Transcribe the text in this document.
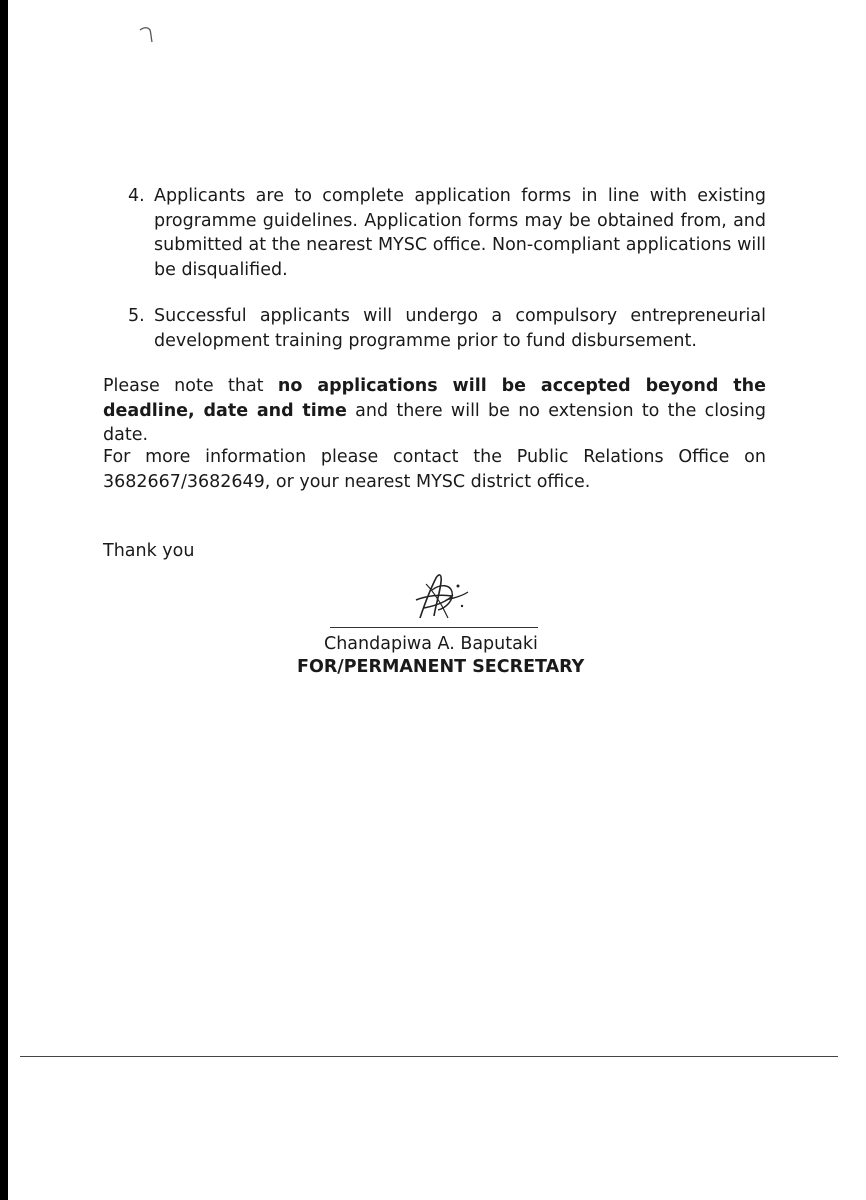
4. Applicants are to complete application forms in line with existing programme guidelines. Application forms may be obtained from, and submitted at the nearest MYSC office. Non-compliant applications will be disqualified.
5. Successful applicants will undergo a compulsory entrepreneurial development training programme prior to fund disbursement.
Please note that no applications will be accepted beyond the deadline, date and time and there will be no extension to the closing date.
For more information please contact the Public Relations Office on 3682667/3682649, or your nearest MYSC district office.
Thank you
Chandapiwa A. Baputaki
FOR/PERMANENT SECRETARY
